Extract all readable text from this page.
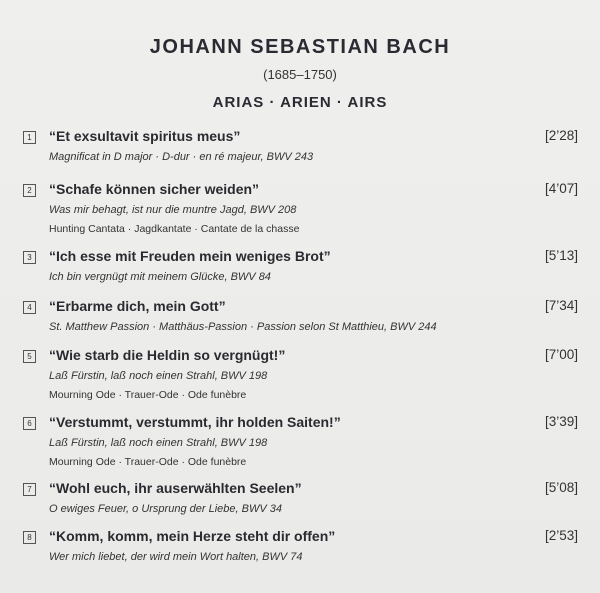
JOHANN SEBASTIAN BACH
(1685–1750)
ARIAS · ARIEN · AIRS
1	“Et exsultavit spiritus meus”	[2’28]
Magnificat in D major · D-dur · en ré majeur, BWV 243
2	“Schafe können sicher weiden”	[4’07]
Was mir behagt, ist nur die muntre Jagd, BWV 208
Hunting Cantata · Jagdkantate · Cantate de la chasse
3	“Ich esse mit Freuden mein weniges Brot”	[5’13]
Ich bin vergnügt mit meinem Glücke, BWV 84
4	“Erbarme dich, mein Gott”	[7’34]
St. Matthew Passion · Matthäus-Passion · Passion selon St Matthieu, BWV 244
5	“Wie starb die Heldin so vergnügt!”	[7’00]
Laß Fürstin, laß noch einen Strahl, BWV 198
Mourning Ode · Trauer-Ode · Ode funèbre
6	“Verstummt, verstummt, ihr holden Saiten!”	[3’39]
Laß Fürstin, laß noch einen Strahl, BWV 198
Mourning Ode · Trauer-Ode · Ode funèbre
7	“Wohl euch, ihr auserwählten Seelen”	[5’08]
O ewiges Feuer, o Ursprung der Liebe, BWV 34
8	“Komm, komm, mein Herze steht dir offen”	[2’53]
Wer mich liebet, der wird mein Wort halten, BWV 74
